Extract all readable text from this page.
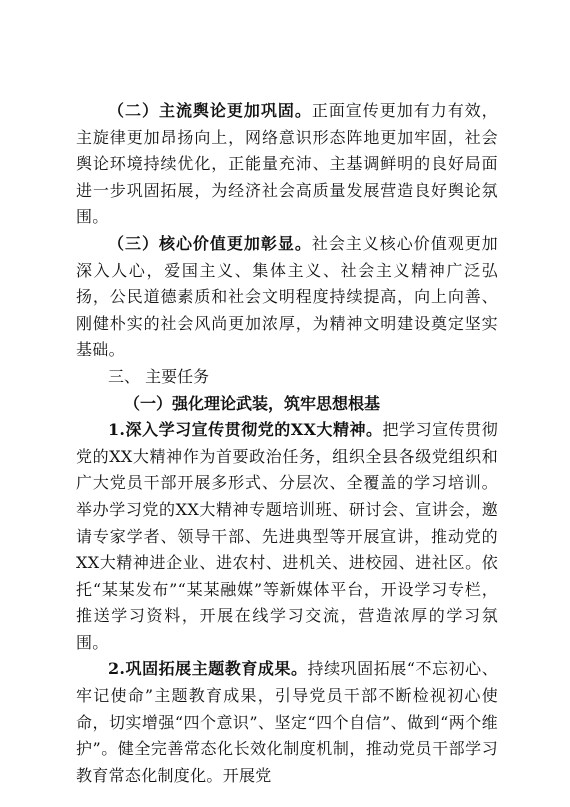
（二）主流舆论更加巩固。正面宣传更加有力有效，主旋律更加昂扬向上，网络意识形态阵地更加牢固，社会舆论环境持续优化，正能量充沛、主基调鲜明的良好局面进一步巩固拓展，为经济社会高质量发展营造良好舆论氛围。

（三）核心价值更加彰显。社会主义核心价值观更加深入人心，爱国主义、集体主义、社会主义精神广泛弘扬，公民道德素质和社会文明程度持续提高，向上向善、刚健朴实的社会风尚更加浓厚，为精神文明建设奠定坚实基础。

三、 主要任务

（一）强化理论武装，筑牢思想根基

1.深入学习宣传贯彻党的XX大精神。把学习宣传贯彻党的XX大精神作为首要政治任务，组织全县各级党组织和广大党员干部开展多形式、分层次、全覆盖的学习培训。举办学习党的XX大精神专题培训班、研讨会、宣讲会，邀请专家学者、领导干部、先进典型等开展宣讲，推动党的XX大精神进企业、进农村、进机关、进校园、进社区。依托“某某发布”“某某融媒”等新媒体平台，开设学习专栏，推送学习资料，开展在线学习交流，营造浓厚的学习氛围。

2.巩固拓展主题教育成果。持续巩固拓展“不忘初心、牢记使命”主题教育成果，引导党员干部不断检视初心使命，切实增强“四个意识”、坚定“四个自信”、做到“两个维护”。健全完善常态化长效化制度机制，推动党员干部学习教育常态化制度化。开展党
